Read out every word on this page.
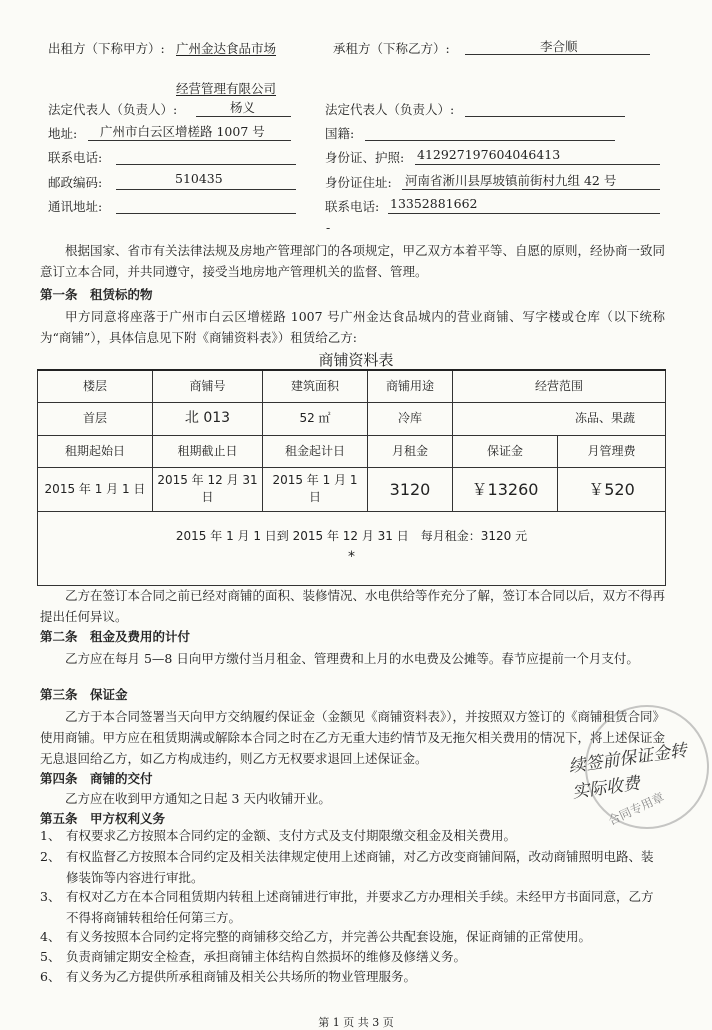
出租方（下称甲方）: 广州金达食品市场	承租方（下称乙方）:	李合顺
经营管理有限公司
法定代表人（负责人）:	杨义	法定代表人（负责人）:
地址: 广州市白云区增槎路 1007 号	国籍:
联系电话:	身份证、护照: 412927197604046413
邮政编码:	510435	身份证住址: 河南省淅川县厚坡镇前街村九组 42 号
通讯地址:	联系电话: 13352881662
-
根据国家、省市有关法律法规及房地产管理部门的各项规定，甲乙双方本着平等、自愿的原则，经协商一致同意订立本合同，并共同遵守，接受当地房地产管理机关的监督、管理。
第一条　租赁标的物
甲方同意将座落于广州市白云区增槎路 1007 号广州金达食品城内的营业商铺、写字楼或仓库（以下统称为“商铺”），具体信息见下附《商铺资料表》）租赁给乙方:
商铺资料表
楼层	商铺号	建筑面积	商铺用途	经营范围	
首层	北 013	52 ㎡	冷库	冻品、果蔬	
租期起始日	租期截止日	租金起计日	月租金	保证金	月管理费
2015 年 1 月 1 日	2015 年 12 月 31 日	2015 年 1 月 1 日	3120	￥13260	￥520

2015 年 1 月 1 日到 2015 年 12 月 31 日　每月租金：3120 元
*					
乙方在签订本合同之前已经对商铺的面积、装修情况、水电供给等作充分了解，签订本合同以后，双方不得再提出任何异议。
第二条　租金及费用的计付
乙方应在每月 5—8 日向甲方缴付当月租金、管理费和上月的水电费及公摊等。春节应提前一个月支付。
第三条　保证金
乙方于本合同签署当天向甲方交纳履约保证金（金额见《商铺资料表》），并按照双方签订的《商铺租赁合同》使用商铺。甲方应在租赁期满或解除本合同之时在乙方无重大违约情节及无拖欠相关费用的情况下，将上述保证金无息退回给乙方，如乙方构成违约，则乙方无权要求退回上述保证金。
第四条　商铺的交付
乙方应在收到甲方通知之日起 3 天内收铺开业。
第五条　甲方权利义务
1、 有权要求乙方按照本合同约定的金额、支付方式及支付期限缴交租金及相关费用。
2、 有权监督乙方按照本合同约定及相关法律规定使用上述商铺，对乙方改变商铺间隔，改动商铺照明电路、装修装饰等内容进行审批。
3、 有权对乙方在本合同租赁期内转租上述商铺进行审批，并要求乙方办理相关手续。未经甲方书面同意，乙方不得将商铺转租给任何第三方。
4、 有义务按照本合同约定将完整的商铺移交给乙方，并完善公共配套设施，保证商铺的正常使用。
5、 负责商铺定期安全检查，承担商铺主体结构自然损坏的维修及修缮义务。
6、 有义务为乙方提供所承租商铺及相关公共场所的物业管理服务。
合同专用章
续签前保证金转实际收费
第 1 页 共 3 页
